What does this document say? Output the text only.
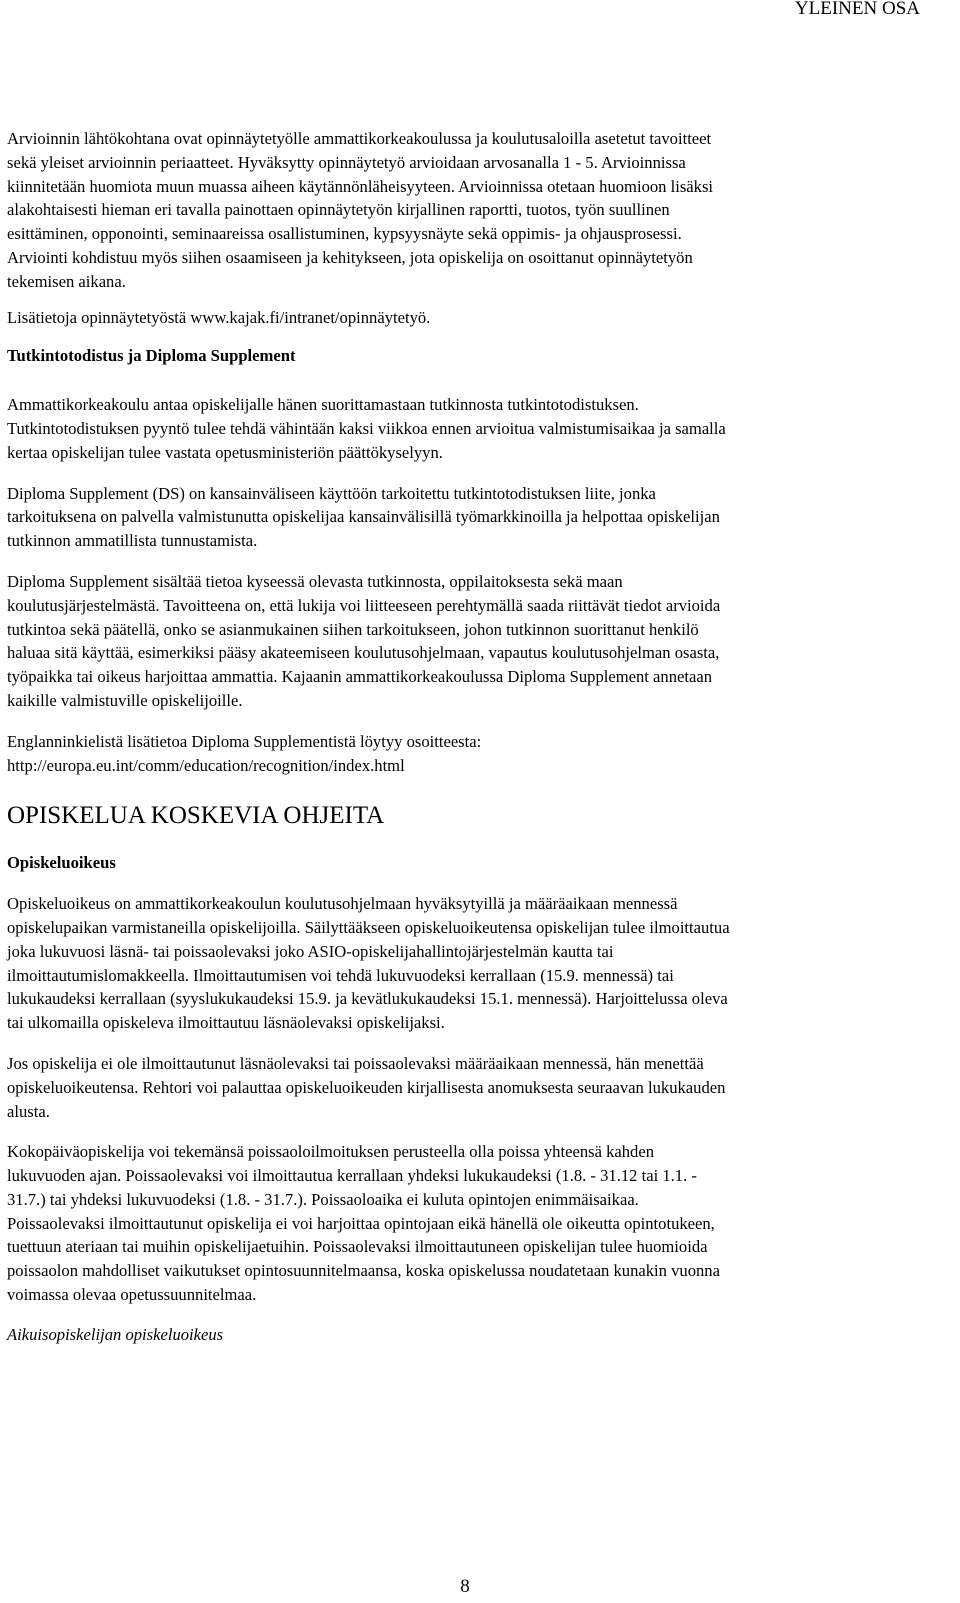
YLEINEN OSA

Arvioinnin lähtökohtana ovat opinnäytetyölle ammattikorkeakoulussa ja koulutusaloilla asetetut tavoitteet
sekä yleiset arvioinnin periaatteet. Hyväksytty opinnäytetyö arvioidaan arvosanalla 1 - 5. Arvioinnissa
kiinnitetään huomiota muun muassa aiheen käytännönläheisyyteen. Arvioinnissa otetaan huomioon lisäksi
alakohtaisesti hieman eri tavalla painottaen opinnäytetyön kirjallinen raportti, tuotos, työn suullinen
esittäminen, opponointi, seminaareissa osallistuminen, kypsyysnäyte sekä oppimis- ja ohjausprosessi.
Arviointi kohdistuu myös siihen osaamiseen ja kehitykseen, jota opiskelija on osoittanut opinnäytetyön
tekemisen aikana.

Lisätietoja opinnäytetyöstä www.kajak.fi/intranet/opinnäytetyö.

Tutkintotodistus ja Diploma Supplement

Ammattikorkeakoulu antaa opiskelijalle hänen suorittamastaan tutkinnosta tutkintotodistuksen.
Tutkintotodistuksen pyyntö tulee tehdä vähintään kaksi viikkoa ennen arvioitua valmistumisaikaa ja samalla
kertaa opiskelijan tulee vastata opetusministeriön päättökyselyyn.

Diploma Supplement (DS) on kansainväliseen käyttöön tarkoitettu tutkintotodistuksen liite, jonka
tarkoituksena on palvella valmistunutta opiskelijaa kansainvälisillä työmarkkinoilla ja helpottaa opiskelijan
tutkinnon ammatillista tunnustamista.

Diploma Supplement sisältää tietoa kyseessä olevasta tutkinnosta, oppilaitoksesta sekä maan
koulutusjärjestelmästä. Tavoitteena on, että lukija voi liitteeseen perehtymällä saada riittävät tiedot arvioida
tutkintoa sekä päätellä, onko se asianmukainen siihen tarkoitukseen, johon tutkinnon suorittanut henkilö
haluaa sitä käyttää, esimerkiksi pääsy akateemiseen koulutusohjelmaan, vapautus koulutusohjelman osasta,
työpaikka tai oikeus harjoittaa ammattia. Kajaanin ammattikorkeakoulussa Diploma Supplement annetaan
kaikille valmistuville opiskelijoille.

Englanninkielistä lisätietoa Diploma Supplementistä löytyy osoitteesta:
http://europa.eu.int/comm/education/recognition/index.html

OPISKELUA KOSKEVIA OHJEITA
Opiskeluoikeus

Opiskeluoikeus on ammattikorkeakoulun koulutusohjelmaan hyväksytyillä ja määräaikaan mennessä
opiskelupaikan varmistaneilla opiskelijoilla. Säilyttääkseen opiskeluoikeutensa opiskelijan tulee ilmoittautua
joka lukuvuosi läsnä- tai poissaolevaksi joko ASIO-opiskelijahallintojärjestelmän kautta tai
ilmoittautumislomakkeella. Ilmoittautumisen voi tehdä lukuvuodeksi kerrallaan (15.9. mennessä) tai
lukukaudeksi kerrallaan (syyslukukaudeksi 15.9. ja kevätlukukaudeksi 15.1. mennessä). Harjoittelussa oleva
tai ulkomailla opiskeleva ilmoittautuu läsnäolevaksi opiskelijaksi.

Jos opiskelija ei ole ilmoittautunut läsnäolevaksi tai poissaolevaksi määräaikaan mennessä, hän menettää
opiskeluoikeutensa. Rehtori voi palauttaa opiskeluoikeuden kirjallisesta anomuksesta seuraavan lukukauden
alusta.

Kokopäiväopiskelija voi tekemänsä poissaoloilmoituksen perusteella olla poissa yhteensä kahden
lukuvuoden ajan. Poissaolevaksi voi ilmoittautua kerrallaan yhdeksi lukukaudeksi (1.8. - 31.12 tai 1.1. -
31.7.) tai yhdeksi lukuvuodeksi (1.8. - 31.7.). Poissaoloaika ei kuluta opintojen enimmäisaikaa.
Poissaolevaksi ilmoittautunut opiskelija ei voi harjoittaa opintojaan eikä hänellä ole oikeutta opintotukeen,
tuettuun ateriaan tai muihin opiskelijaetuihin. Poissaolevaksi ilmoittautuneen opiskelijan tulee huomioida
poissaolon mahdolliset vaikutukset opintosuunnitelmaansa, koska opiskelussa noudatetaan kunakin vuonna
voimassa olevaa opetussuunnitelmaa.

Aikuisopiskelijan opiskeluoikeus
8
